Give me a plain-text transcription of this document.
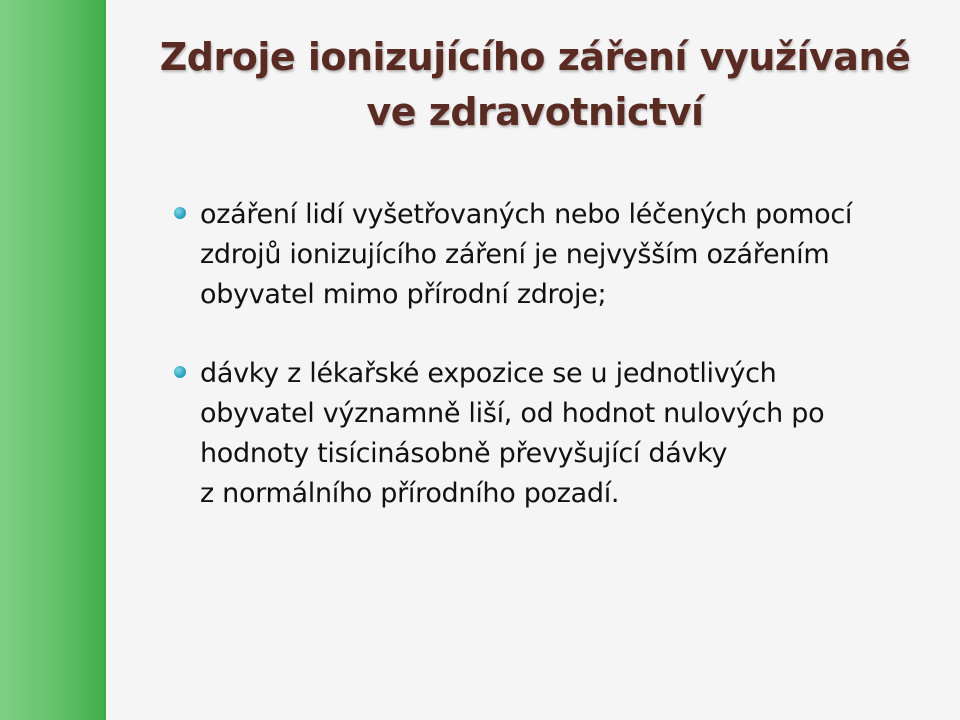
Zdroje ionizujícího záření využívané
ve zdravotnictví
ozáření lidí vyšetřovaných nebo léčených pomocí
zdrojů ionizujícího záření je nejvyšším ozářením
obyvatel mimo přírodní zdroje;
dávky z lékařské expozice se u jednotlivých
obyvatel významně liší, od hodnot nulových po
hodnoty tisícinásobně převyšující dávky
z normálního přírodního pozadí.
